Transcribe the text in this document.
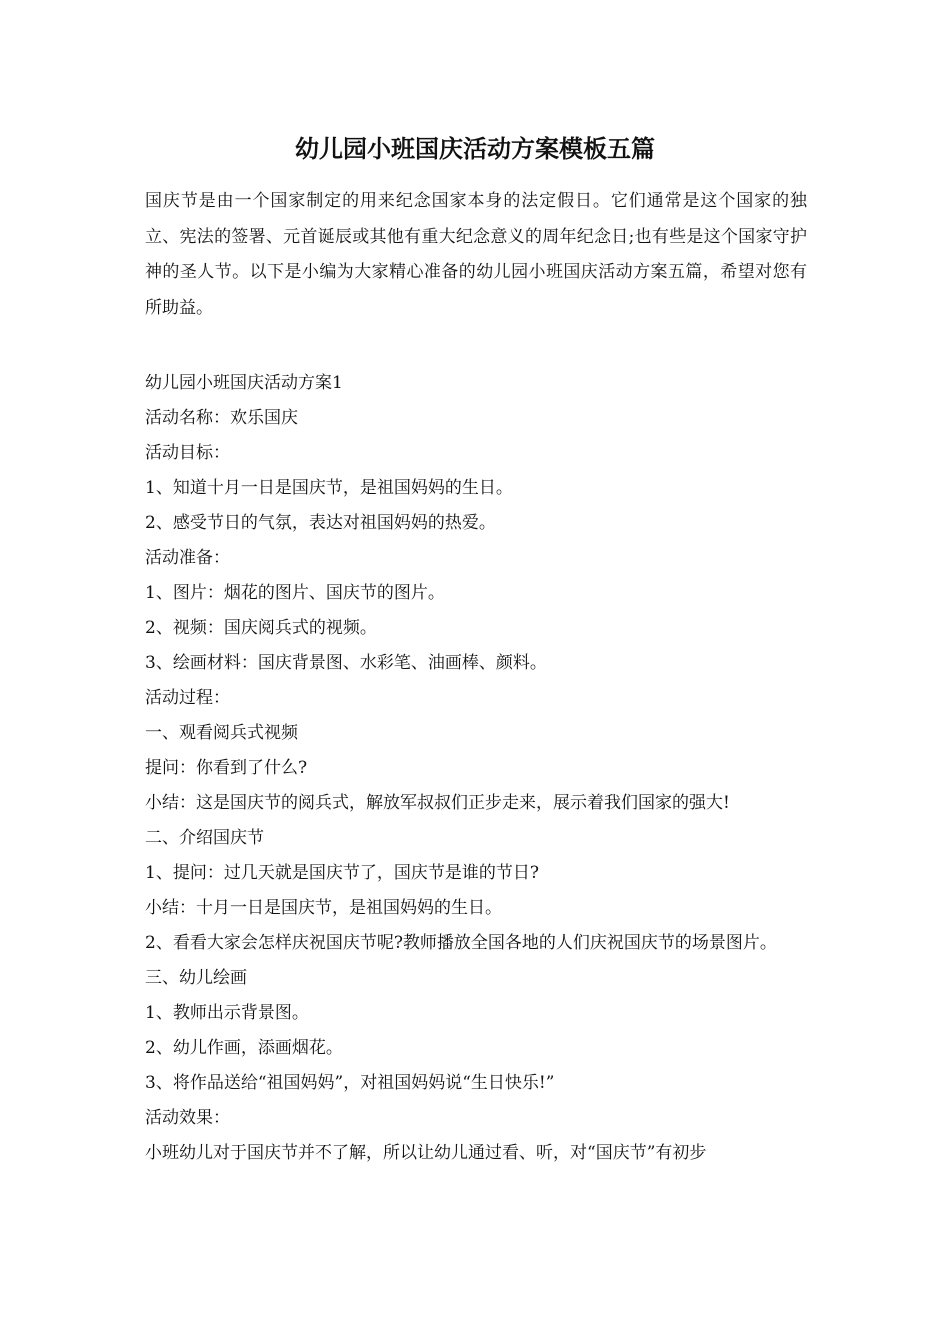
幼儿园小班国庆活动方案模板五篇

国庆节是由一个国家制定的用来纪念国家本身的法定假日。它们通常是这个国家的独立、宪法的签署、元首诞辰或其他有重大纪念意义的周年纪念日;也有些是这个国家守护神的圣人节。以下是小编为大家精心准备的幼儿园小班国庆活动方案五篇，希望对您有所助益。

幼儿园小班国庆活动方案1
活动名称：欢乐国庆
活动目标：
1、知道十月一日是国庆节，是祖国妈妈的生日。
2、感受节日的气氛，表达对祖国妈妈的热爱。
活动准备：
1、图片：烟花的图片、国庆节的图片。
2、视频：国庆阅兵式的视频。
3、绘画材料：国庆背景图、水彩笔、油画棒、颜料。
活动过程：
一、观看阅兵式视频
提问：你看到了什么?
小结：这是国庆节的阅兵式，解放军叔叔们正步走来，展示着我们国家的强大!
二、介绍国庆节
1、提问：过几天就是国庆节了，国庆节是谁的节日?
小结：十月一日是国庆节，是祖国妈妈的生日。
2、看看大家会怎样庆祝国庆节呢?教师播放全国各地的人们庆祝国庆节的场景图片。
三、幼儿绘画
1、教师出示背景图。
2、幼儿作画，添画烟花。
3、将作品送给“祖国妈妈”，对祖国妈妈说“生日快乐!”
活动效果：
小班幼儿对于国庆节并不了解，所以让幼儿通过看、听，对“国庆节”有初步
